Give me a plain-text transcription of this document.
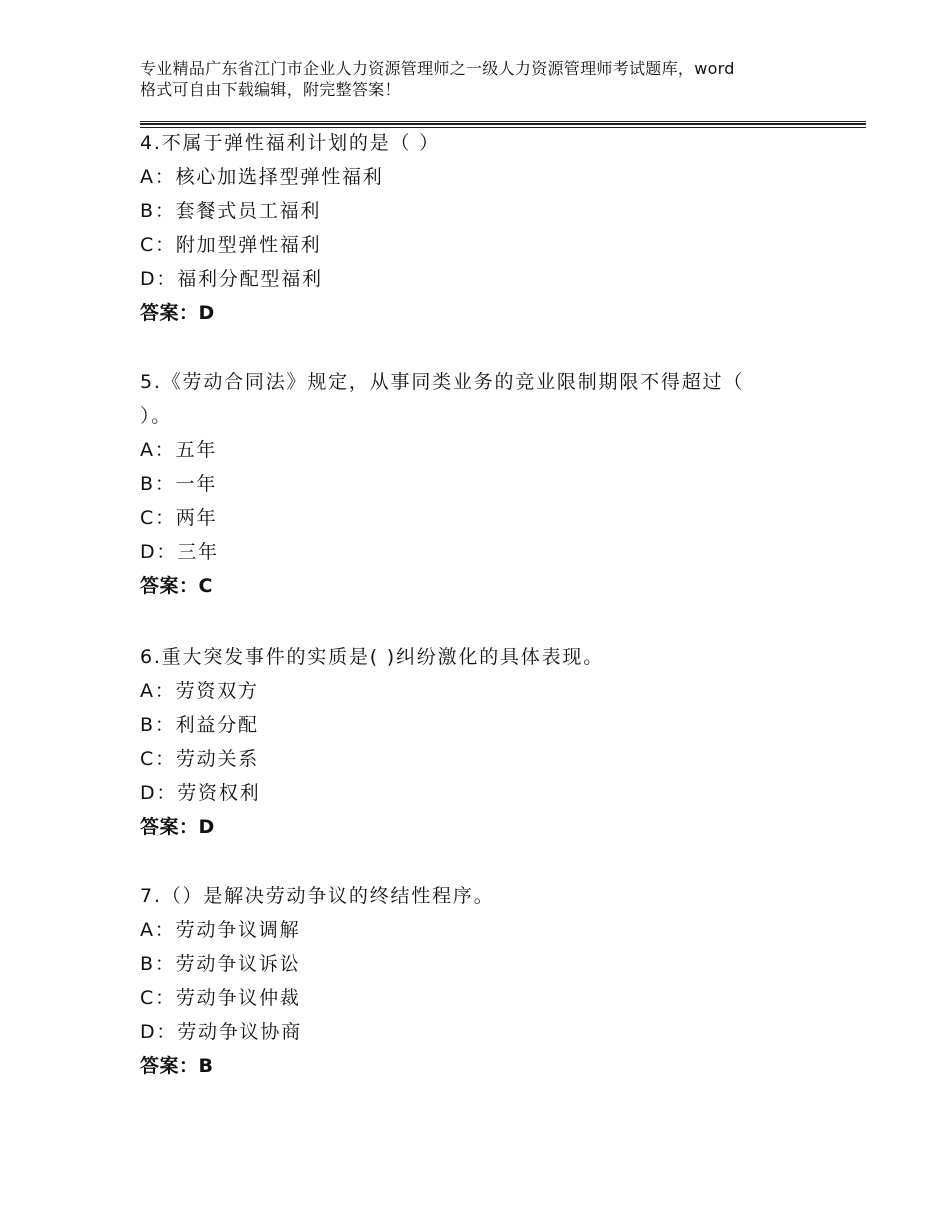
专业精品广东省江门市企业人力资源管理师之一级人力资源管理师考试题库，word
格式可自由下载编辑，附完整答案！

4.不属于弹性福利计划的是（ ）

A：核心加选择型弹性福利

B：套餐式员工福利

C：附加型弹性福利

D：福利分配型福利

答案：D

5.《劳动合同法》规定，从事同类业务的竞业限制期限不得超过（ ）。

A：五年

B：一年

C：两年

D：三年

答案：C

6.重大突发事件的实质是( )纠纷激化的具体表现。

A：劳资双方

B：利益分配

C：劳动关系

D：劳资权利

答案：D

7.（）是解决劳动争议的终结性程序。

A：劳动争议调解

B：劳动争议诉讼

C：劳动争议仲裁

D：劳动争议协商

答案：B
